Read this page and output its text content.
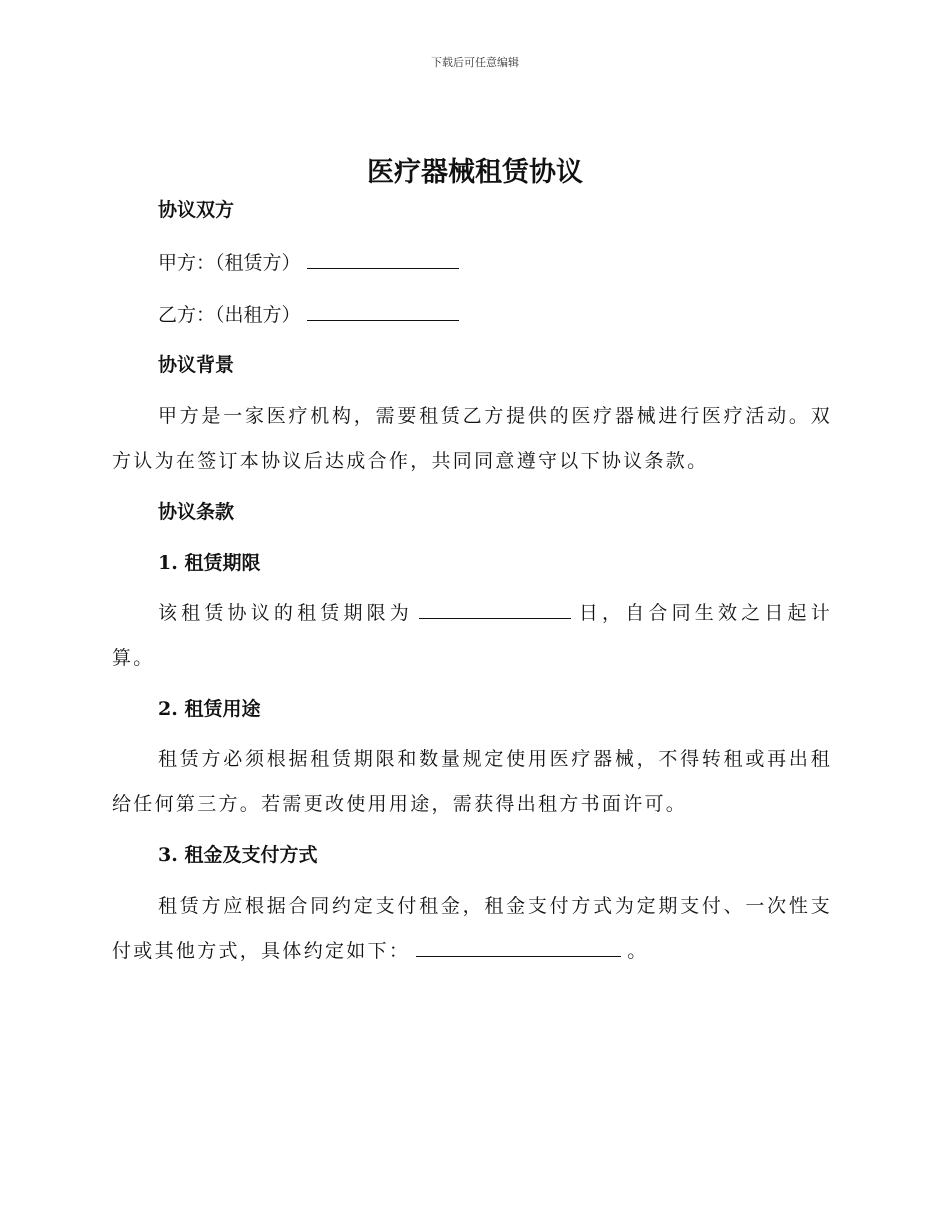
下载后可任意编辑
医疗器械租赁协议
协议双方
甲方：（租赁方）
乙方：（出租方）
协议背景
甲方是一家医疗机构，需要租赁乙方提供的医疗器械进行医疗活动。双方认为在签订本协议后达成合作，共同同意遵守以下协议条款。
协议条款
1. 租赁期限
该租赁协议的租赁期限为	日，自合同生效之日起计算。
2. 租赁用途
租赁方必须根据租赁期限和数量规定使用医疗器械，不得转租或再出租给任何第三方。若需更改使用用途，需获得出租方书面许可。
3. 租金及支付方式
租赁方应根据合同约定支付租金，租金支付方式为定期支付、一次性支付或其他方式，具体约定如下：	。
